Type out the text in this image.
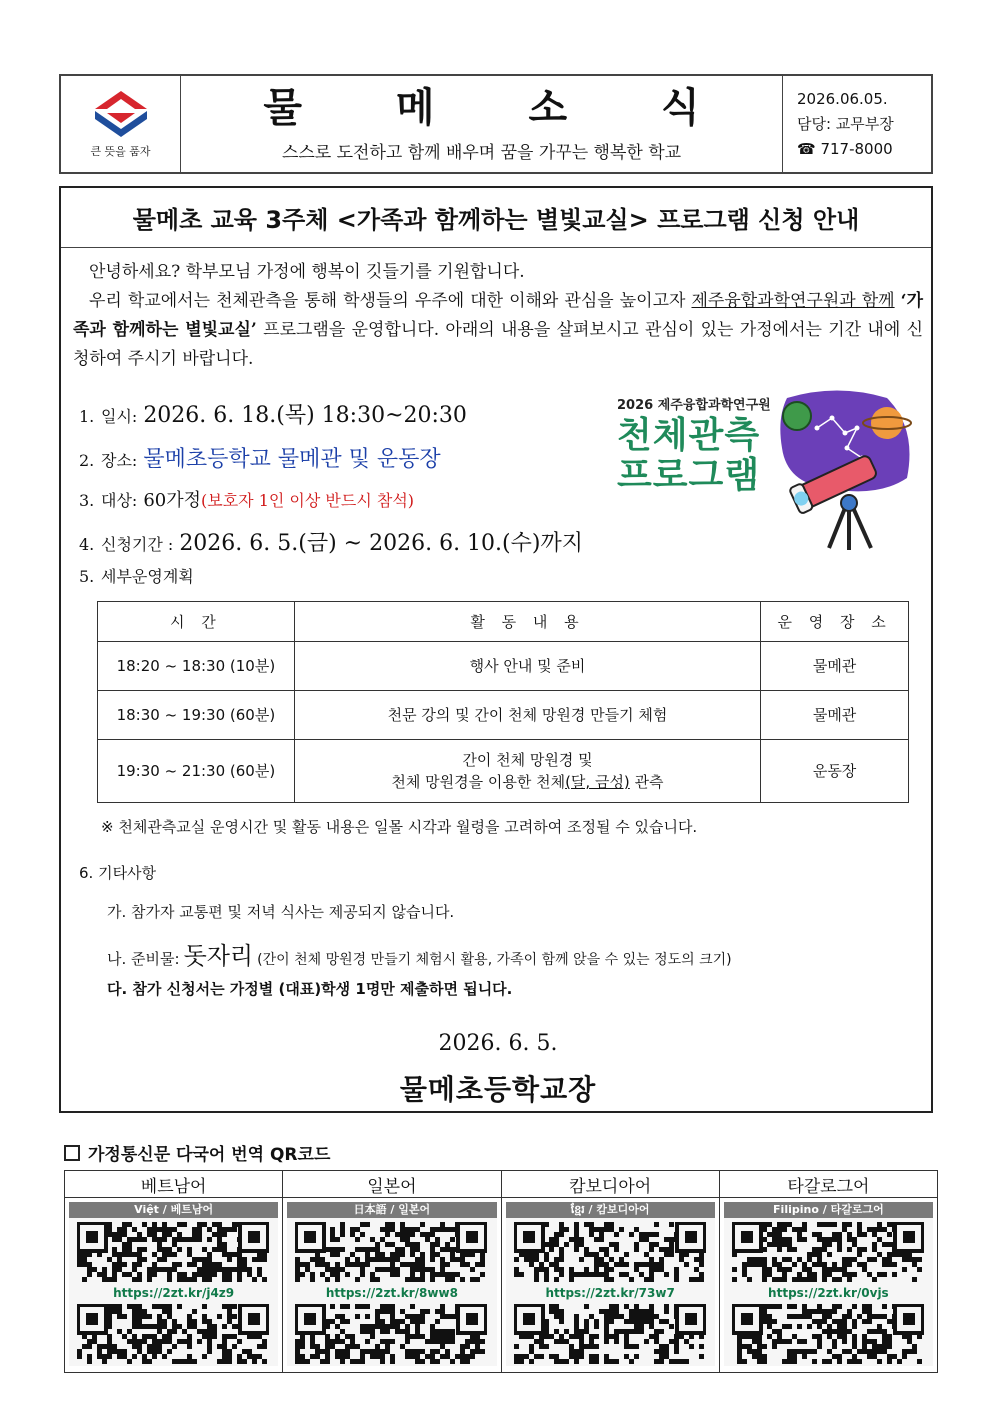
큰 뜻을 품자
물 메 소 식
스스로 도전하고 함께 배우며 꿈을 가꾸는 행복한 학교
2026.06.05.
담당: 교무부장
☎ 717-8000
물메초 교육 3주체 <가족과 함께하는 별빛교실> 프로그램 신청 안내

안녕하세요? 학부모님 가정에 행복이 깃들기를 기원합니다.

우리 학교에서는 천체관측을 통해 학생들의 우주에 대한 이해와 관심을 높이고자 제주융합과학연구원과 함께 ‘가족과 함께하는 별빛교실’ 프로그램을 운영합니다. 아래의 내용을 살펴보시고 관심이 있는 가정에서는 기간 내에 신청하여 주시기 바랍니다.

1. 일시: 2026. 6. 18.(목) 18:30~20:30
2. 장소: 물메초등학교 물메관 및 운동장
3. 대상: 60가정 (보호자 1인 이상 반드시 참석)
4. 신청기간 : 2026. 6. 5.(금) ~ 2026. 6. 10.(수)까지
5. 세부운영계획
2026 제주융합과학연구원
천체관측
프로그램
시 간	활 동 내 용	운 영 장 소
18:20 ~ 18:30 (10분)	행사 안내 및 준비	물메관
18:30 ~ 19:30 (60분)	천문 강의 및 간이 천체 망원경 만들기 체험	물메관
19:30 ~ 21:30 (60분)	간이 천체 망원경 및
천체 망원경을 이용한 천체(달, 금성) 관측	운동장
※ 천체관측교실 운영시간 및 활동 내용은 일몰 시각과 월령을 고려하여 조정될 수 있습니다.
6. 기타사항
가. 참가자 교통편 및 저녁 식사는 제공되지 않습니다.
나. 준비물: 돗자리 (간이 천체 망원경 만들기 체험시 활용, 가족이 함께 앉을 수 있는 정도의 크기)
다. 참가 신청서는 가정별 (대표)학생 1명만 제출하면 됩니다.
2026. 6. 5.
물메초등학교장
가정통신문 다국어 번역 QR코드
베트남어
Việt / 베트남어
https://2zt.kr/j4z9
일본어
日本語 / 일본어
https://2zt.kr/8ww8
캄보디아어
ខ្មែរ / 캄보디아어
https://2zt.kr/73w7
타갈로그어
Filipino / 타갈로그어
https://2zt.kr/0vjs
